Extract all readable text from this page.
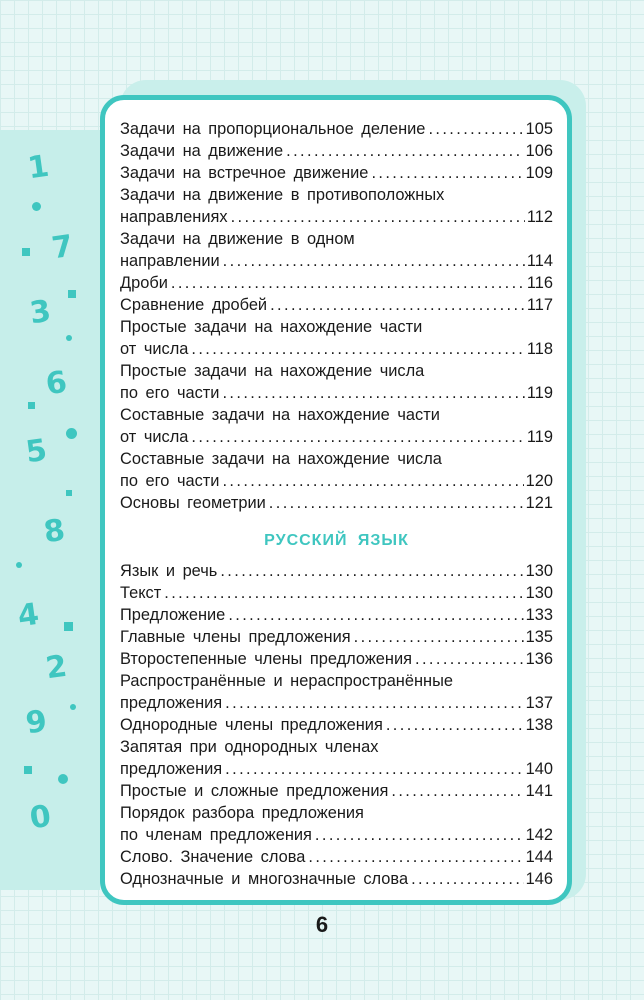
1
7
3
6
5
8
4
2
9
0
Задачи на пропорциональное деление .....	105
Задачи на движение .....	106
Задачи на встречное движение .....	109
Задачи на движение в противоположных
направлениях .....	112
Задачи на движение в одном
направлении .....	114
Дроби .....	116
Сравнение дробей .....	117
Простые задачи на нахождение части
от числа .....	118
Простые задачи на нахождение числа
по его части .....	119
Составные задачи на нахождение части
от числа .....	119
Составные задачи на нахождение числа
по его части .....	120
Основы геометрии .....	121
РУССКИЙ ЯЗЫК
Язык и речь .....	130
Текст .....	130
Предложение .....	133
Главные члены предложения .....	135
Второстепенные члены предложения .....	136
Распространённые и нераспространённые
предложения .....	137
Однородные члены предложения .....	138
Запятая при однородных членах
предложения .....	140
Простые и сложные предложения .....	141
Порядок разбора предложения
по членам предложения .....	142
Слово. Значение слова .....	144
Однозначные и многозначные слова .....	146
6
